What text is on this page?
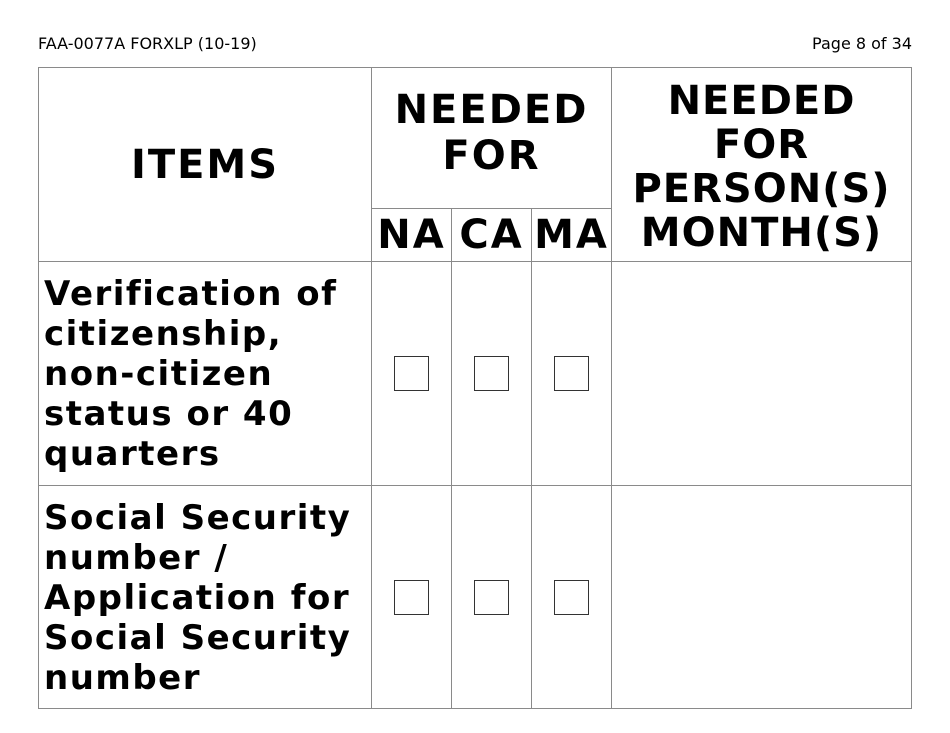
FAA-0077A FORXLP (10-19)	Page 8 of 34
ITEMS
NEEDED FOR
NA CA MA
NEEDED FOR PERSON(S) MONTH(S)
Verification of citizenship, non-citizen status or 40 quarters
Social Security number / Application for Social Security number
